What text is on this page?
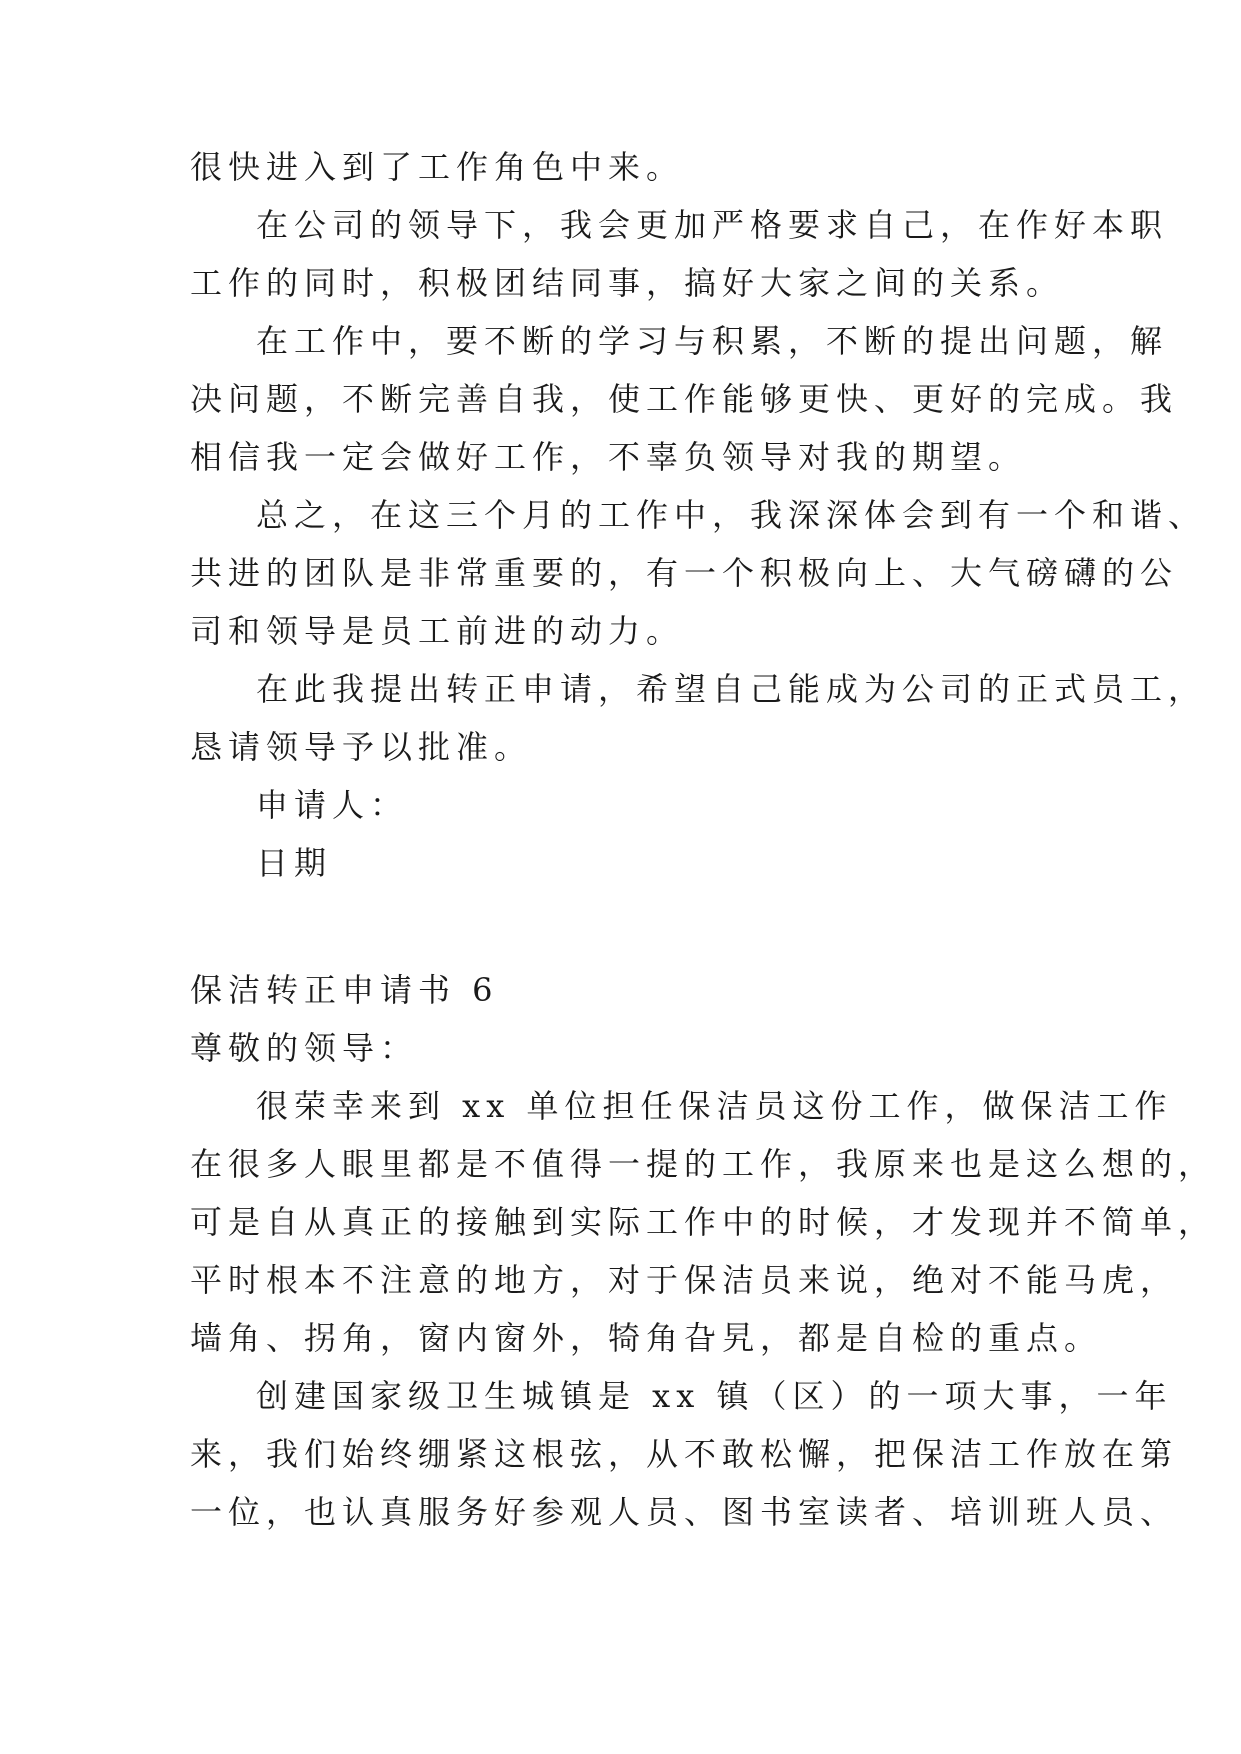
很快进入到了工作角色中来。
在公司的领导下，我会更加严格要求自己，在作好本职
工作的同时，积极团结同事，搞好大家之间的关系。
在工作中，要不断的学习与积累，不断的提出问题，解
决问题，不断完善自我，使工作能够更快、更好的完成。我
相信我一定会做好工作，不辜负领导对我的期望。
总之，在这三个月的工作中，我深深体会到有一个和谐、
共进的团队是非常重要的，有一个积极向上、大气磅礴的公
司和领导是员工前进的动力。
在此我提出转正申请，希望自己能成为公司的正式员工，
恳请领导予以批准。
申请人：
日期
保洁转正申请书 6
尊敬的领导：
很荣幸来到 xx 单位担任保洁员这份工作，做保洁工作
在很多人眼里都是不值得一提的工作，我原来也是这么想的，
可是自从真正的接触到实际工作中的时候，才发现并不简单，
平时根本不注意的地方，对于保洁员来说，绝对不能马虎，
墙角、拐角，窗内窗外，犄角旮旯，都是自检的重点。
创建国家级卫生城镇是 xx 镇（区）的一项大事，一年
来，我们始终绷紧这根弦，从不敢松懈，把保洁工作放在第
一位，也认真服务好参观人员、图书室读者、培训班人员、
